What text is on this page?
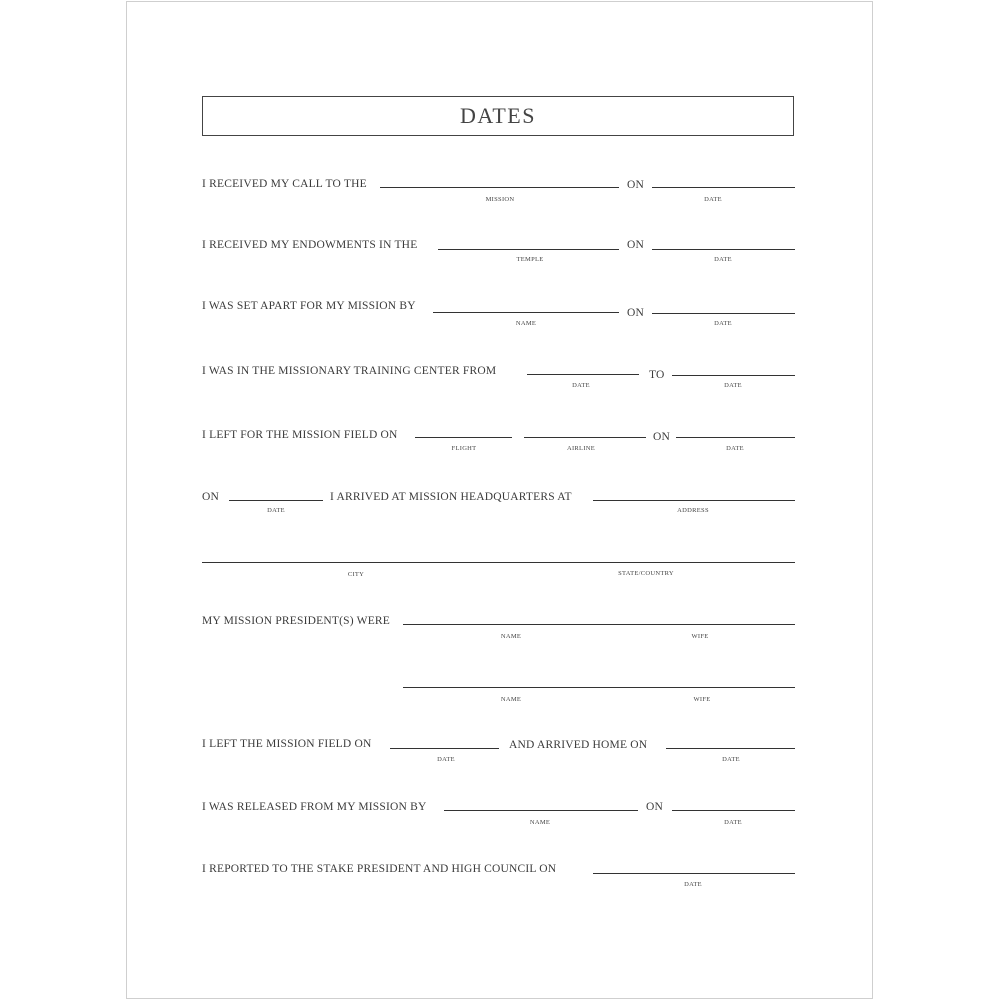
DATES
I RECEIVED MY CALL TO THE
MISSION
ON
DATE
I RECEIVED MY ENDOWMENTS IN THE
TEMPLE
ON
DATE
I WAS SET APART FOR MY MISSION BY
NAME
ON
DATE
I WAS IN THE MISSIONARY TRAINING CENTER FROM
DATE
TO
DATE
I LEFT FOR THE MISSION FIELD ON
FLIGHT	AIRLINE
ON
DATE
ON
DATE
I ARRIVED AT MISSION HEADQUARTERS AT
ADDRESS
CITY	STATE/COUNTRY
MY MISSION PRESIDENT(S) WERE
NAME	WIFE
NAME	WIFE
I LEFT THE MISSION FIELD ON
DATE
AND ARRIVED HOME ON
DATE
I WAS RELEASED FROM MY MISSION BY
NAME
ON
DATE
I REPORTED TO THE STAKE PRESIDENT AND HIGH COUNCIL ON
DATE
